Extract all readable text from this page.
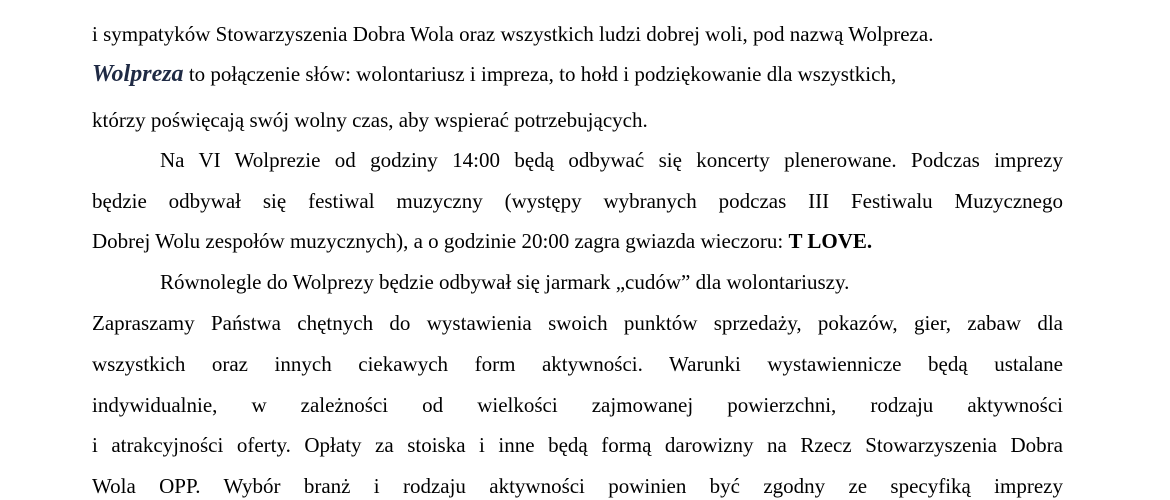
i sympatyków Stowarzyszenia Dobra Wola oraz wszystkich ludzi dobrej woli, pod nazwą Wolpreza.
Wolpreza to połączenie słów: wolontariusz i impreza, to hołd i podziękowanie dla wszystkich,
którzy poświęcają swój wolny czas, aby wspierać potrzebujących.
Na VI Wolprezie od godziny 14:00 będą odbywać się koncerty plenerowane. Podczas imprezy
będzie odbywał się festiwal muzyczny (występy wybranych podczas III Festiwalu Muzycznego
Dobrej Wolu zespołów muzycznych), a o godzinie 20:00 zagra gwiazda wieczoru: T LOVE.
Równolegle do Wolprezy będzie odbywał się jarmark „cudów” dla wolontariuszy.
Zapraszamy Państwa chętnych do wystawienia swoich punktów sprzedaży, pokazów, gier, zabaw dla
wszystkich oraz innych ciekawych form aktywności. Warunki wystawiennicze będą ustalane
indywidualnie, w zależności od wielkości zajmowanej powierzchni, rodzaju aktywności
i atrakcyjności oferty. Opłaty za stoiska i inne będą formą darowizny na Rzecz Stowarzyszenia Dobra
Wola OPP. Wybór branż i rodzaju aktywności powinien być zgodny ze specyfiką imprezy
